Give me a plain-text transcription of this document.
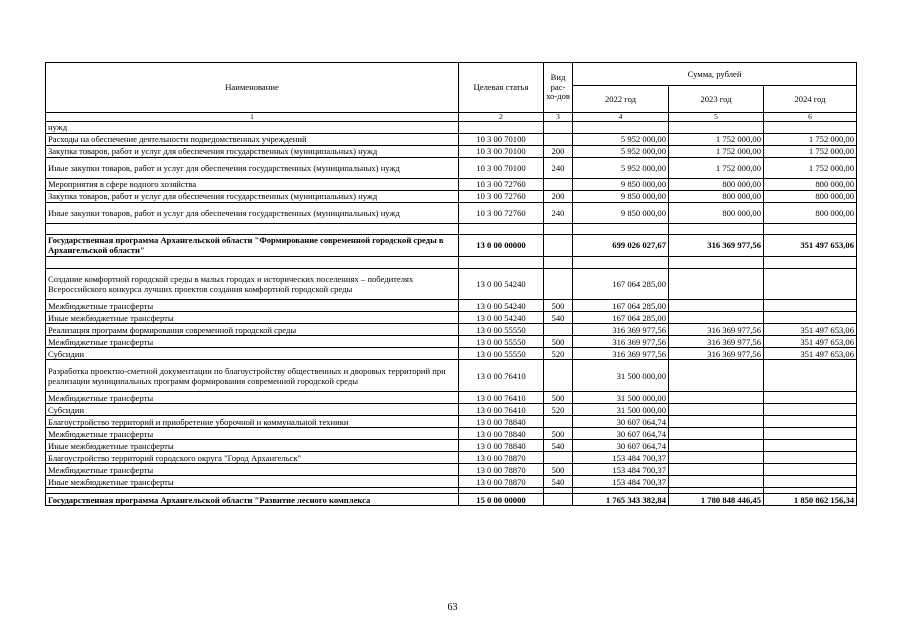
Наименование	Целевая статья	Вид рас-хо-дов	Сумма, рублей		
			2022 год	2023 год	2024 год
1	2	3	4	5	6
нужд					
Расходы на обеспечение деятельности подведомственных учреждений	10 3 00 70100		5 952 000,00	1 752 000,00	1 752 000,00
Закупка товаров, работ и услуг для обеспечения государственных (муниципальных) нужд	10 3 00 70100	200	5 952 000,00	1 752 000,00	1 752 000,00
Иные закупки товаров, работ и услуг для обеспечения государственных (муниципальных) нужд	10 3 00 70100	240	5 952 000,00	1 752 000,00	1 752 000,00
Мероприятия в сфере водного хозяйства	10 3 00 72760		9 850 000,00	800 000,00	800 000,00
Закупка товаров, работ и услуг для обеспечения государственных (муниципальных) нужд	10 3 00 72760	200	9 850 000,00	800 000,00	800 000,00
Иные закупки товаров, работ и услуг для обеспечения государственных (муниципальных) нужд	10 3 00 72760	240	9 850 000,00	800 000,00	800 000,00

Государственная программа Архангельской области "Формирование современной городской среды в Архангельской области"	13 0 00 00000		699 026 027,67	316 369 977,56	351 497 653,06

Создание комфортной городской среды в малых городах и исторических поселениях – победителях Всероссийского конкурса лучших проектов создания комфортной городской среды	13 0 00 54240		167 064 285,00		
Межбюджетные трансферты	13 0 00 54240	500	167 064 285,00		
Иные межбюджетные трансферты	13 0 00 54240	540	167 064 285,00		
Реализация программ формирования современной городской среды	13 0 00 55550		316 369 977,56	316 369 977,56	351 497 653,06
Межбюджетные трансферты	13 0 00 55550	500	316 369 977,56	316 369 977,56	351 497 653,06
Субсидии	13 0 00 55550	520	316 369 977,56	316 369 977,56	351 497 653,06
Разработка проектно-сметной документации по благоустройству общественных и дворовых территорий при реализации муниципальных программ формирования современной городской среды	13 0 00 76410		31 500 000,00		
Межбюджетные трансферты	13 0 00 76410	500	31 500 000,00		
Субсидии	13 0 00 76410	520	31 500 000,00		
Благоустройство территорий и приобретение уборочной и коммунальной техники	13 0 00 78840		30 607 064,74		
Межбюджетные трансферты	13 0 00 78840	500	30 607 064,74		
Иные межбюджетные трансферты	13 0 00 78840	540	30 607 064,74		
Благоустройство территорий городского округа "Город Архангельск"	13 0 00 78870		153 484 700,37		
Межбюджетные трансферты	13 0 00 78870	500	153 484 700,37		
Иные межбюджетные трансферты	13 0 00 78870	540	153 484 700,37		

Государственная программа Архангельской области "Развитие лесного комплекса	15 0 00 00000		1 765 343 382,84	1 780 848 446,45	1 850 862 156,34
63
